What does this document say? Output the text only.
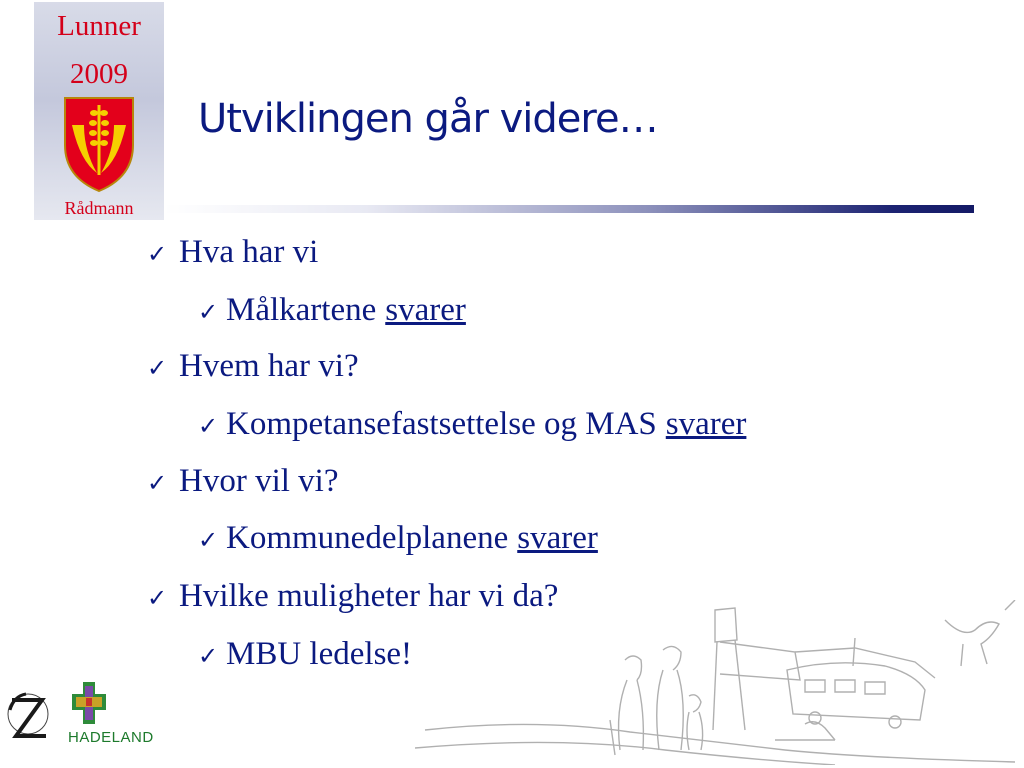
Lunner
2009
Rådmann
Utviklingen går videre…
✓ Hva har vi
✓ Målkartene svarer
✓ Hvem har vi?
✓ Kompetansefastsettelse og MAS svarer
✓ Hvor vil vi?
✓ Kommunedelplanene svarer
✓ Hvilke muligheter har vi da?
✓ MBU ledelse!
HADELAND
